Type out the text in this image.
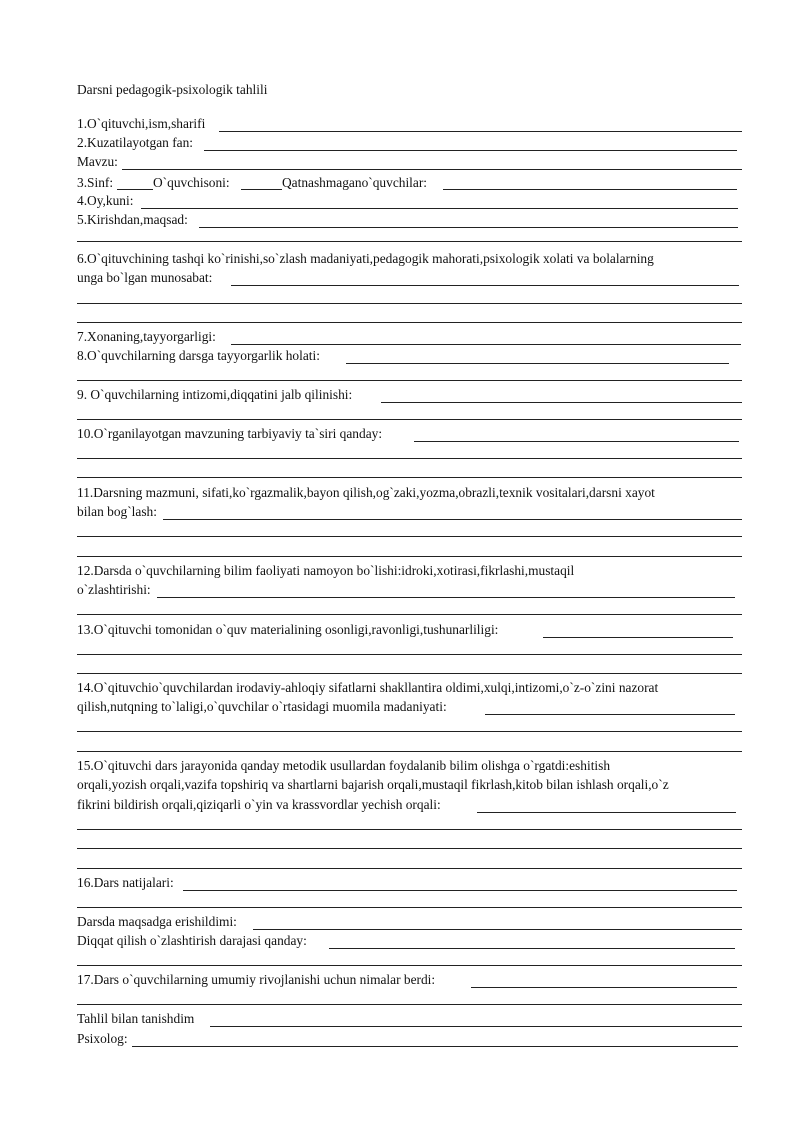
Darsni pedagogik-psixologik tahlili
1.O`qituvchi,ism,sharifi
2.Kuzatilayotgan fan:
Mavzu:
3.Sinf:	O`quvchisoni:	Qatnashmagano`quvchilar:
4.Oy,kuni:
5.Kirishdan,maqsad:
6.O`qituvchining tashqi ko`rinishi,so`zlash madaniyati,pedagogik mahorati,psixologik xolati va bolalarning
unga bo`lgan munosabat:
7.Xonaning,tayyorgarligi:
8.O`quvchilarning darsga tayyorgarlik holati:
9. O`quvchilarning intizomi,diqqatini jalb qilinishi:
10.O`rganilayotgan mavzuning tarbiyaviy ta`siri qanday:
11.Darsning mazmuni, sifati,ko`rgazmalik,bayon qilish,og`zaki,yozma,obrazli,texnik vositalari,darsni xayot
bilan bog`lash:
12.Darsda o`quvchilarning bilim faoliyati namoyon bo`lishi:idroki,xotirasi,fikrlashi,mustaqil
o`zlashtirishi:
13.O`qituvchi tomonidan o`quv materialining osonligi,ravonligi,tushunarliligi:
14.O`qituvchio`quvchilardan irodaviy-ahloqiy sifatlarni shakllantira oldimi,xulqi,intizomi,o`z-o`zini nazorat
qilish,nutqning to`laligi,o`quvchilar o`rtasidagi muomila madaniyati:
15.O`qituvchi dars jarayonida qanday metodik usullardan foydalanib bilim olishga o`rgatdi:eshitish
orqali,yozish orqali,vazifa topshiriq va shartlarni bajarish orqali,mustaqil fikrlash,kitob bilan ishlash orqali,o`z
fikrini bildirish orqali,qiziqarli o`yin va krassvordlar yechish orqali:
16.Dars natijalari:
Darsda maqsadga erishildimi:
Diqqat qilish o`zlashtirish darajasi qanday:
17.Dars o`quvchilarning umumiy rivojlanishi uchun nimalar berdi:
Tahlil bilan tanishdim
Psixolog:
